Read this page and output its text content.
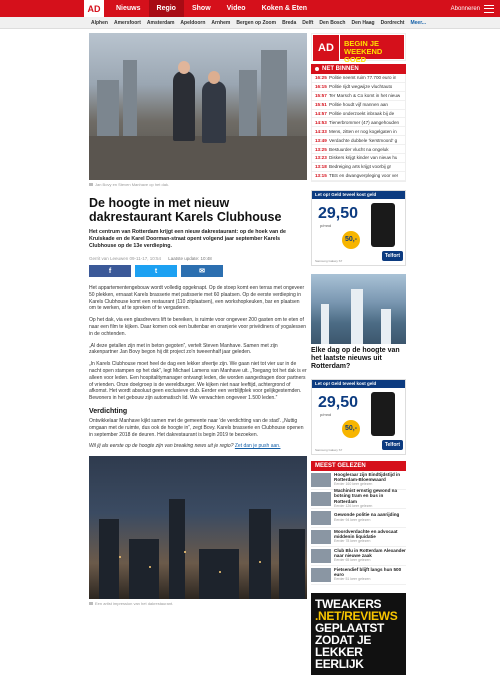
AD	Nieuws	Regio	Show	Video	Koken & Eten	Abonneren
Alphen Amersfoort Amsterdam Apeldoorn Arnhem Bergen op Zoom Breda Delft Den Bosch Den Haag Dordrecht Meer...
Jan Bovy en Steven Manhave op het dak.
De hoogte in met nieuw dakrestaurant Karels Clubhouse

Het centrum van Rotterdam krijgt een nieuw dakrestaurant: op de hoek van de Kruiskade en de Karel Doorman-straat opent volgend jaar september Karels Clubhouse op de 13e verdieping.

Gerrit van Leeuwen 09-11-17, 10:54 Laatste update: 10:48
f	t	✉

Het appartementengebouw wordt volledig opgeknapt. Op de stoep komt een terras met ongeveer 50 plekken, ernaast Karels brasserie met patisserie met 60 plaatsen. Op de eerste verdieping in Karels Clubhouse komt een restaurant (110 zitplaatsen), een workshopkeuken, bar en plaatsen om te werken, af te spreken of te vergaderen.

Op het dak, via een glasdrevers lift te bereiken, is ruimte voor ongeveer 200 gasten om te eten of naar een film te kijken. Daar komen ook een buitenbar en oranjerie voor privédiners of yogalessen in de ochtenden.

„Al deze getallen zijn met in beton gegoten”, vertelt Steven Manhave. Samen met zijn zakenpartner Jan Bovy begon hij dit project zo'n tweeenhalf jaar geleden.

„In Karels Clubhouse moet heel de dag een lekker sfeertje zijn. We gaan niet tot vier uur in de nacht open stampen op het dak”, legt Michael Lamens van Manhave uit. „Toegang tot het dak is er alleen voor leden. Een hospitalitymanager ontvangt leden, die worden aangedragen door partners of vrienden. Onze doelgroep is de wereldburger. We kijken niet naar leeftijd, achtergrond of afkomst. Het wordt absoluut geen exclusieve club. Eerder een verblijfplek voor gelijkgestemden. Bewoners in het gebouw zijn automatisch lid. We verwachten ongeveer 1.500 leden.”

Verdichting

Ontwikkelaar Manhave kijkt samen met de gemeente naar 'de verdichting van de stad'. „Nuttig omgaan met de ruimte, dus ook de hoogte in”, zegt Bovy. Karels brasserie en Clubhouse openen in september 2018 de deuren. Het dakrestaurant is begin 2019 te bezoeken.

Wil jij als eerste op de hoogte zijn van breaking news uit je regio? Zet dan je push aan.

Een artist impression van het dakrestaurant.
AD	BEGIN JE WEEKEND GOED
NET BINNEN
16:25 Politie neemt ruim 77.700 euro in
16:15 Politie rijdt wegwijze vluchtauto
15:57 Ter Marsch & Co komt in het nieuw
15:51 Politie houdt vijf mannen aan
14:57 Politie onderzoekt inbraak bij de
14:53 Tienerbrommer (47) aangehouden
14:33 Mens, zitten er nog kogelgaten in
13:49 Verdachte dubbele 'kerstmoord' g
13:25 Bestuurder vlucht na ongeluk
13:23 Diskers krijgt kinder van nieuw hu
13:18 Bedreiging arts krijgt voorbij gr
13:15 TBS en dwangverpleging voor ver
Let op! Geld teveel kost geld
29,50
p/mnd
50,-
Telfort
Samsung Galaxy S7
Elke dag op de hoogte van het laatste nieuws uit Rotterdam?
Let op! Geld teveel kost geld
29,50
p/mnd
50,-
Telfort
Samsung Galaxy S7
MEEST GELEZEN
Hoogleraar zijn Eindtijdstijd in Rotterdam-Bloemwaard
Eerder 160 keer gelezen
Machinist ernstig gewond na botsing tram en bus in Rotterdam
Eerder 126 keer gelezen
Gewonde politie na aanrijding
Eerder 94 keer gelezen
Moordverdachte en advocaat middenin liquidatie
Eerder 78 keer gelezen
Club Blu in Rotterdam Alexander naar nieuwe zaak
Eerder 65 keer gelezen
Fietsendief blijft langs hun 500 euro
Eerder 51 keer gelezen
TWEAKERS
.NET/REVIEWS
GEPLAATST
ZODAT JE
LEKKER EERLIJK
